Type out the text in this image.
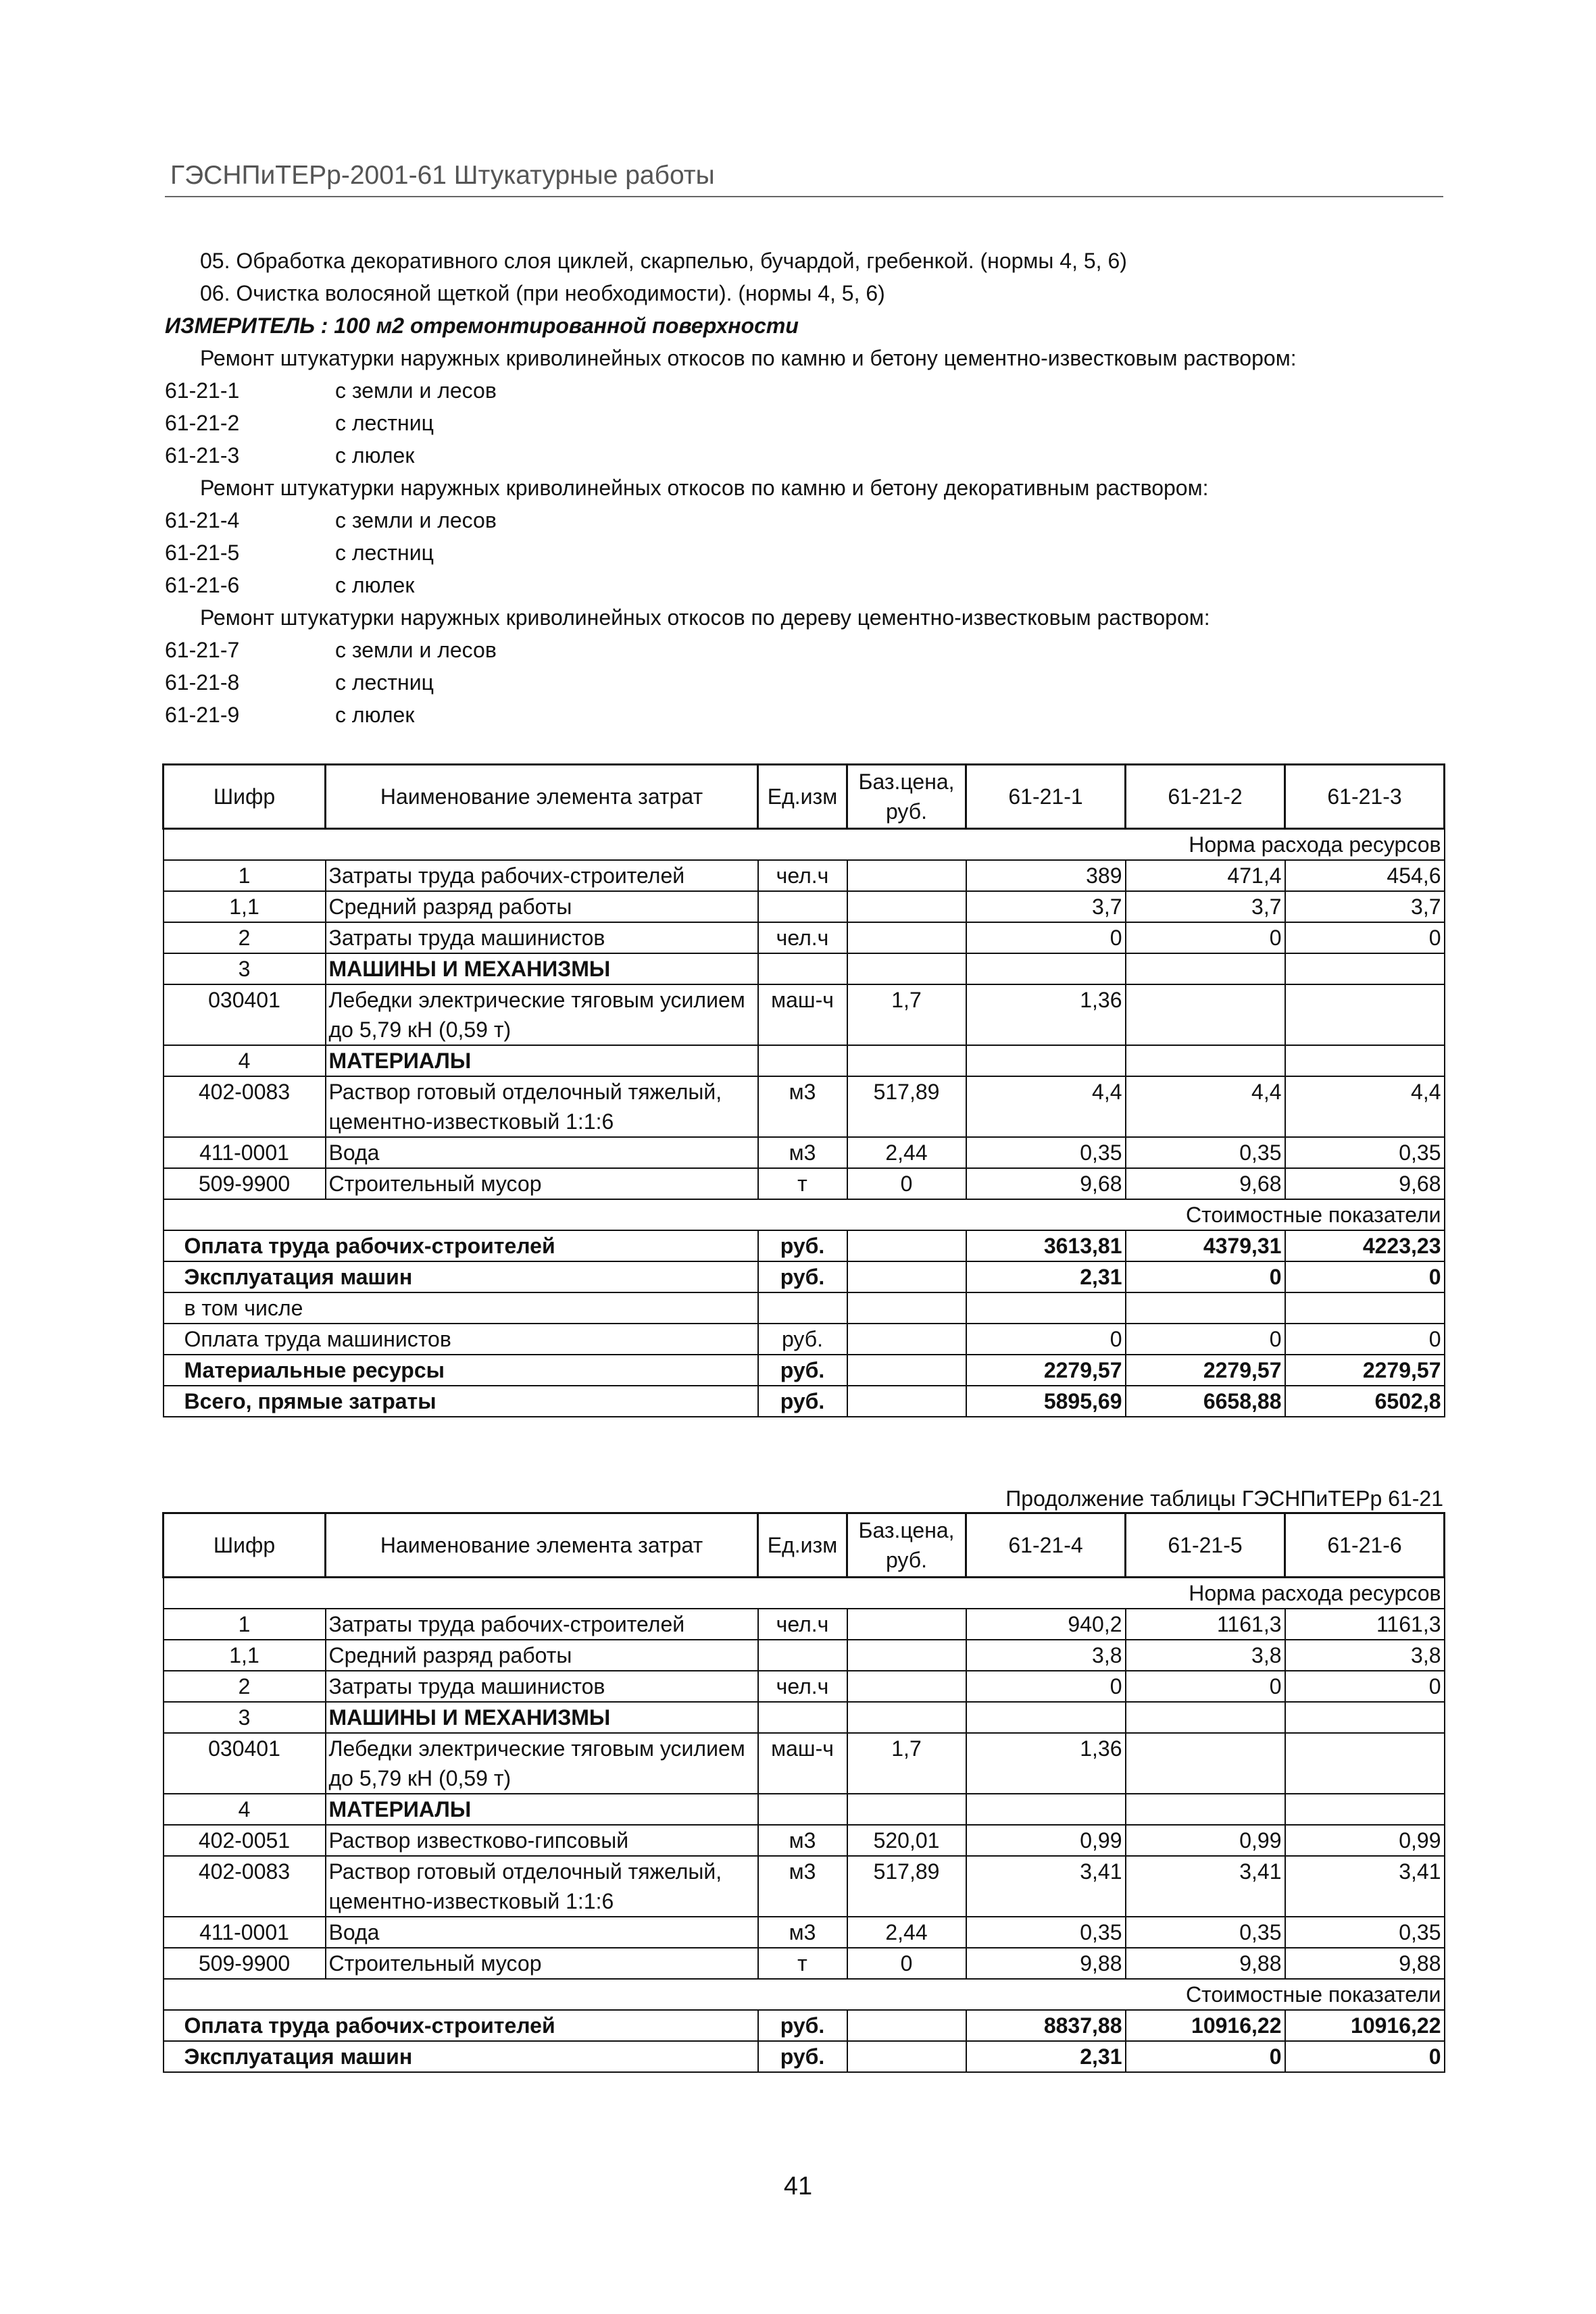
ГЭСНПиТЕРр-2001-61 Штукатурные работы
05. Обработка декоративного слоя циклей, скарпелью, бучардой, гребенкой. (нормы 4, 5, 6)
06. Очистка волосяной щеткой (при необходимости). (нормы 4, 5, 6)
ИЗМЕРИТЕЛЬ : 100 м2 отремонтированной поверхности
Ремонт штукатурки наружных криволинейных откосов по камню и бетону цементно-известковым раствором:
61-21-1	с земли и лесов
61-21-2	с лестниц
61-21-3	с люлек
Ремонт штукатурки наружных криволинейных откосов по камню и бетону декоративным раствором:
61-21-4	с земли и лесов
61-21-5	с лестниц
61-21-6	с люлек
Ремонт штукатурки наружных криволинейных откосов по дереву цементно-известковым раствором:
61-21-7	с земли и лесов
61-21-8	с лестниц
61-21-9	с люлек
Шифр	Наименование элемента затрат	Ед.изм	Баз.цена, руб.	61-21-1	61-21-2	61-21-3
Норма расхода ресурсов						
1	Затраты труда рабочих-строителей	чел.ч		389	471,4	454,6
1,1	Средний разряд работы			3,7	3,7	3,7
2	Затраты труда машинистов	чел.ч		0	0	0
3	МАШИНЫ И МЕХАНИЗМЫ					
030401	Лебедки электрические тяговым усилием до 5,79 кН (0,59 т)	маш-ч	1,7	1,36		
4	МАТЕРИАЛЫ					
402-0083	Раствор готовый отделочный тяжелый, цементно-известковый 1:1:6	м3	517,89	4,4	4,4	4,4
411-0001	Вода	м3	2,44	0,35	0,35	0,35
509-9900	Строительный мусор	т	0	9,68	9,68	9,68
Стоимостные показатели						
Оплата труда рабочих-строителей		руб.		3613,81	4379,31	4223,23
Эксплуатация машин		руб.		2,31	0	0
в том числе						
Оплата труда машинистов		руб.		0	0	0
Материальные ресурсы		руб.		2279,57	2279,57	2279,57
Всего, прямые затраты		руб.		5895,69	6658,88	6502,8
Продолжение таблицы ГЭСНПиТЕРр 61-21
Шифр	Наименование элемента затрат	Ед.изм	Баз.цена, руб.	61-21-4	61-21-5	61-21-6
Норма расхода ресурсов						
1	Затраты труда рабочих-строителей	чел.ч		940,2	1161,3	1161,3
1,1	Средний разряд работы			3,8	3,8	3,8
2	Затраты труда машинистов	чел.ч		0	0	0
3	МАШИНЫ И МЕХАНИЗМЫ					
030401	Лебедки электрические тяговым усилием до 5,79 кН (0,59 т)	маш-ч	1,7	1,36		
4	МАТЕРИАЛЫ					
402-0051	Раствор известково-гипсовый	м3	520,01	0,99	0,99	0,99
402-0083	Раствор готовый отделочный тяжелый, цементно-известковый 1:1:6	м3	517,89	3,41	3,41	3,41
411-0001	Вода	м3	2,44	0,35	0,35	0,35
509-9900	Строительный мусор	т	0	9,88	9,88	9,88
Стоимостные показатели						
Оплата труда рабочих-строителей		руб.		8837,88	10916,22	10916,22
Эксплуатация машин		руб.		2,31	0	0
41
